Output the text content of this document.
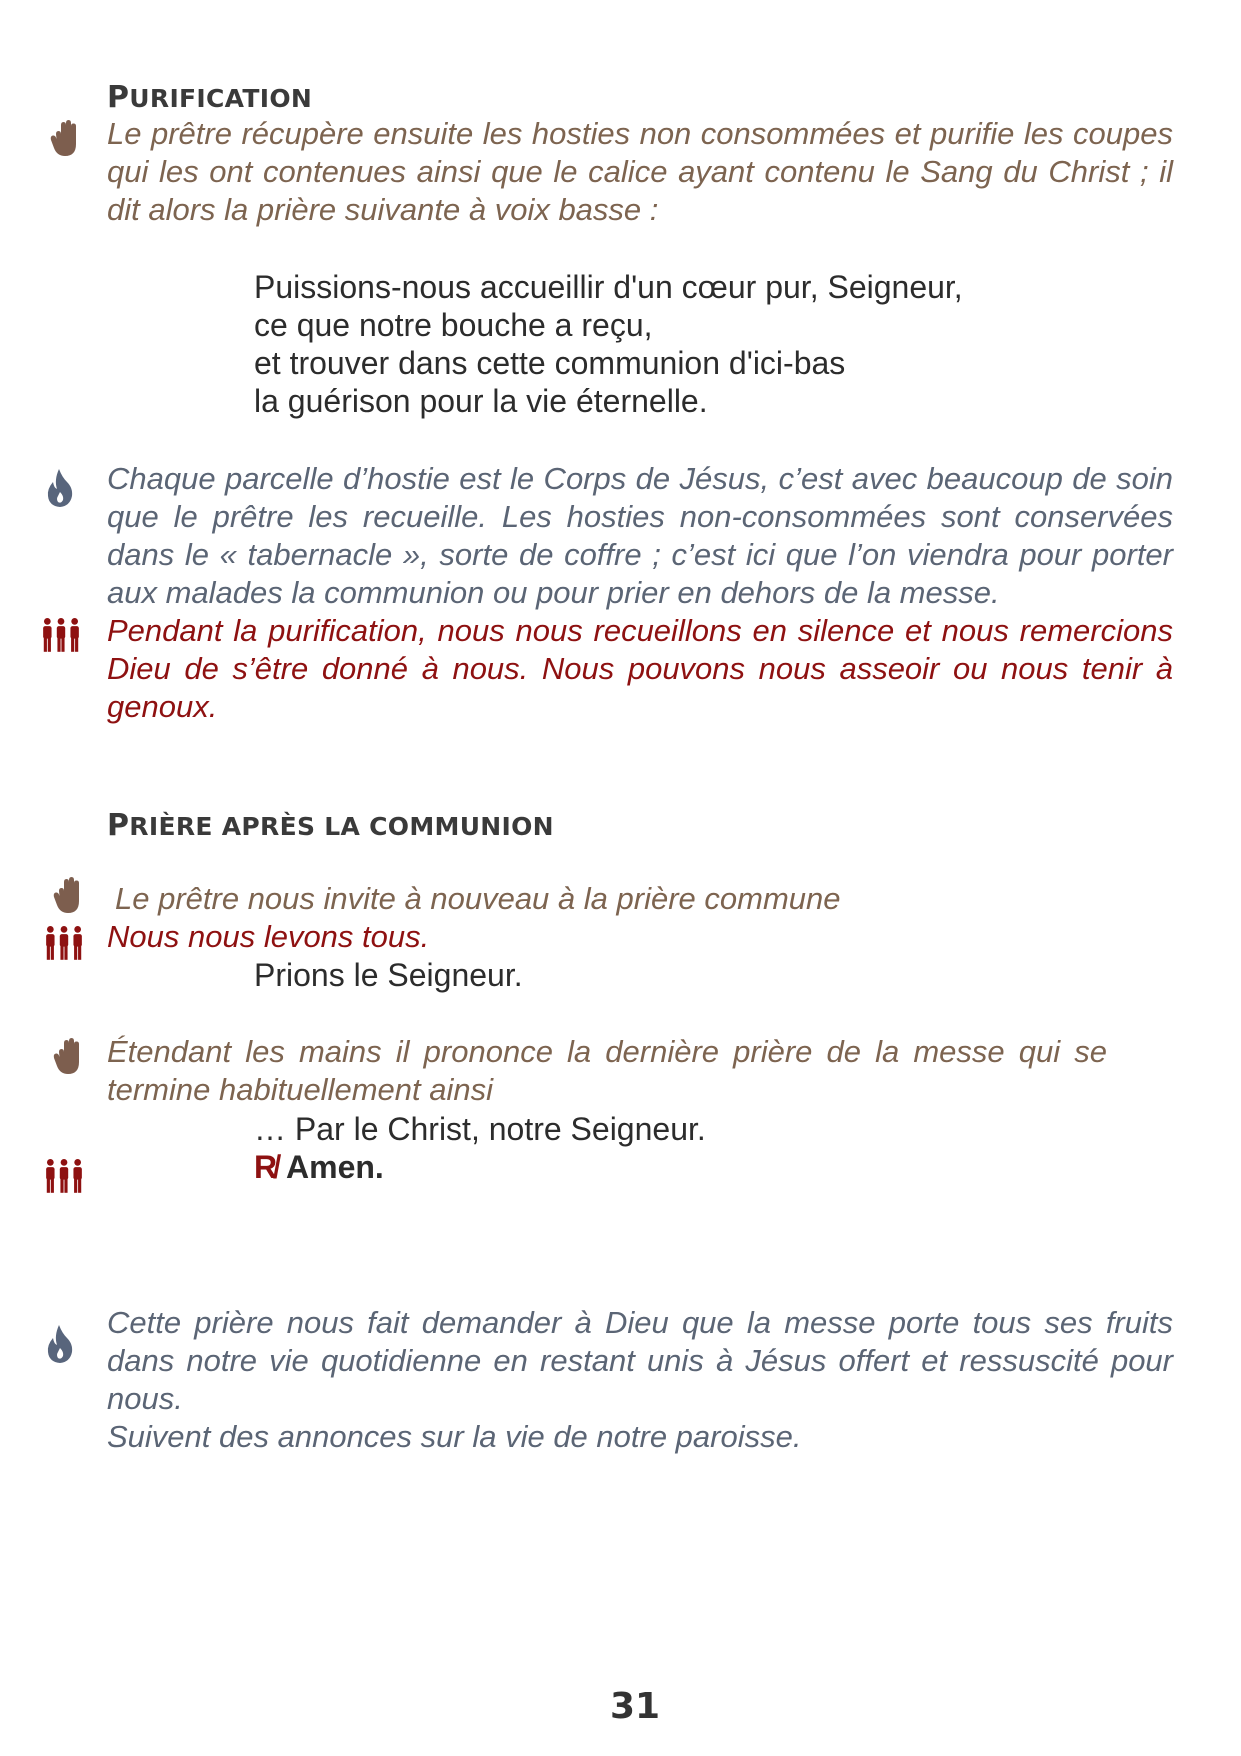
PURIFICATION
Le prêtre récupère ensuite les hosties non consommées et purifie les coupes qui les ont contenues ainsi que le calice ayant contenu le Sang du Christ ; il dit alors la prière suivante à voix basse :
Puissions-nous accueillir d'un cœur pur, Seigneur,
ce que notre bouche a reçu,
et trouver dans cette communion d'ici-bas
la guérison pour la vie éternelle.
Chaque parcelle d’hostie est le Corps de Jésus, c’est avec beaucoup de soin que le prêtre les recueille. Les hosties non-consommées sont conservées dans le « tabernacle », sorte de coffre ; c’est ici que l’on viendra pour porter aux malades la communion ou pour prier en dehors de la messe.
Pendant la purification, nous nous recueillons en silence et nous remercions Dieu de s’être donné à nous. Nous pouvons nous asseoir ou nous tenir à genoux.
PRIÈRE APRÈS LA COMMUNION
Le prêtre nous invite à nouveau à la prière commune
Nous nous levons tous.
Prions le Seigneur.
Étendant les mains il prononce la dernière prière de la messe qui se termine habituellement ainsi
… Par le Christ, notre Seigneur.
R̸ Amen.
Cette prière nous fait demander à Dieu que la messe porte tous ses fruits dans notre vie quotidienne en restant unis à Jésus offert et ressuscité pour nous.
Suivent des annonces sur la vie de notre paroisse.
31
